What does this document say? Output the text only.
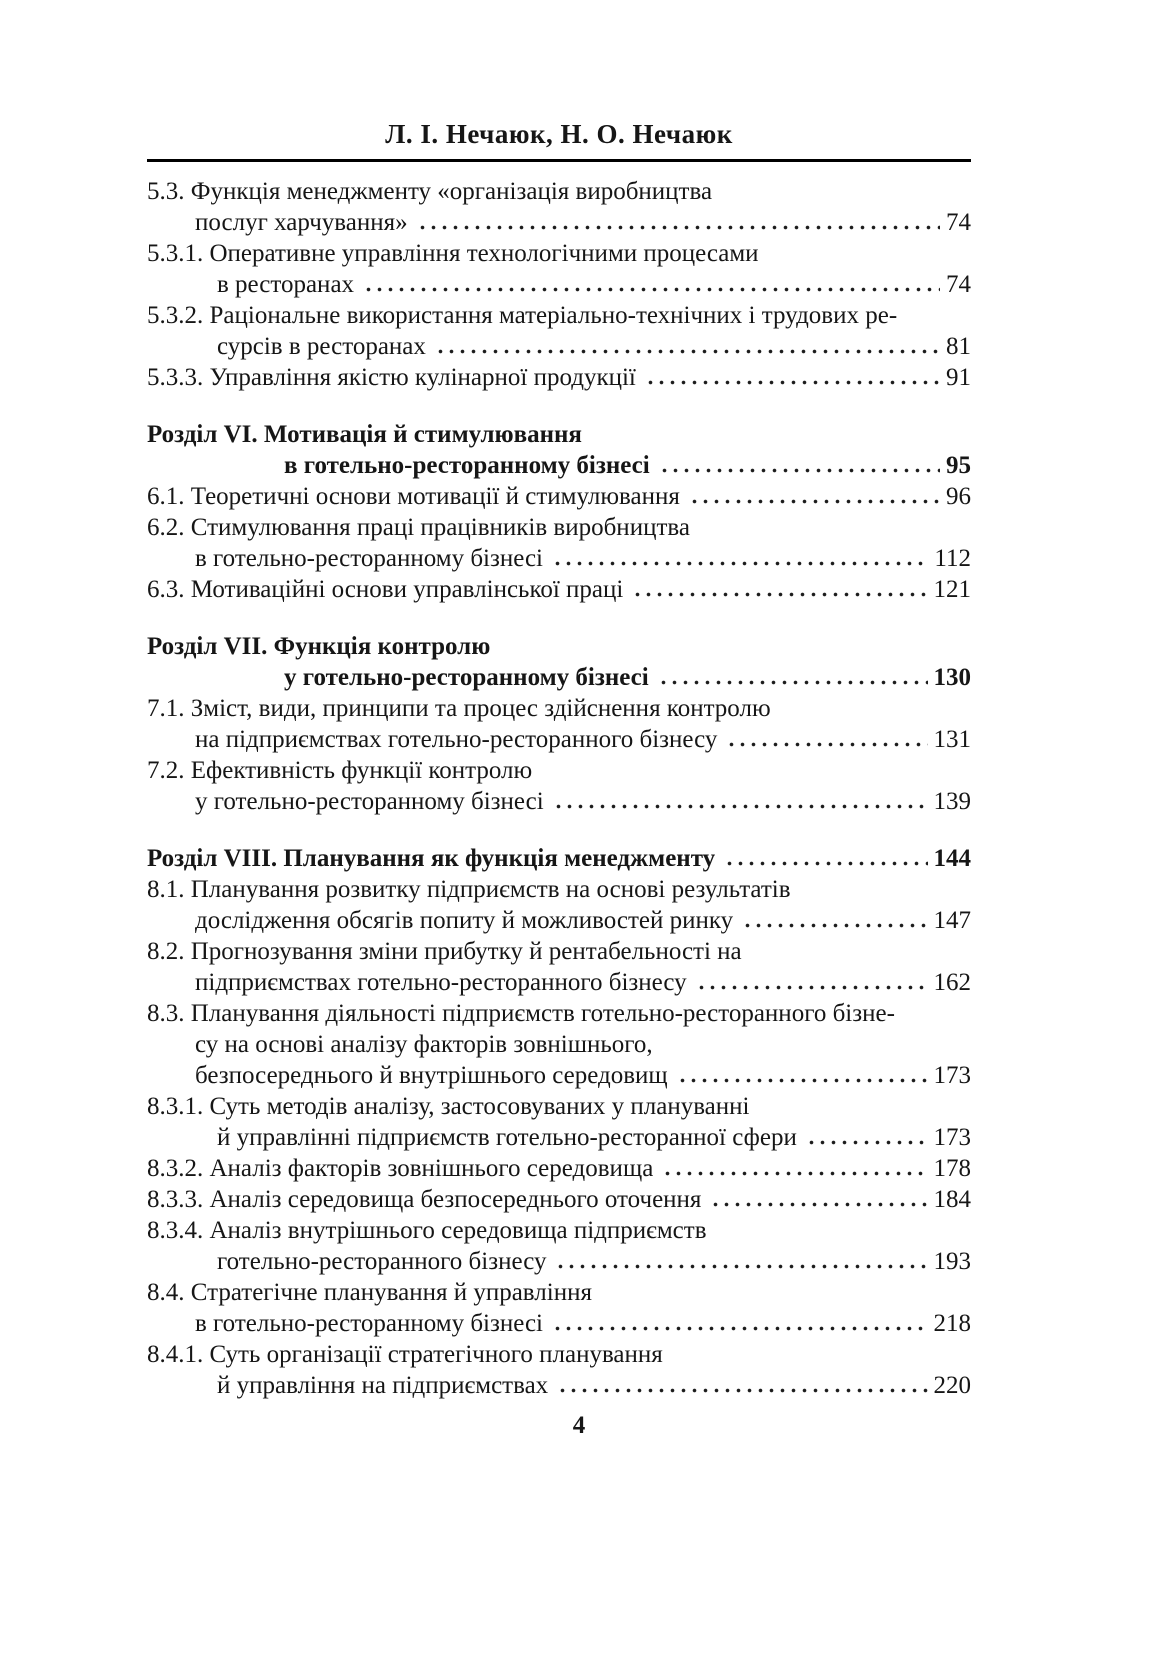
Л. І. Нечаюк, Н. О. Нечаюк
5.3. Функція менеджменту «організація виробництва
послуг харчування»	74
5.3.1. Оперативне управління технологічними процесами
в ресторанах	74
5.3.2. Раціональне використання матеріально-технічних і трудових ре-
сурсів в ресторанах	81
5.3.3. Управління якістю кулінарної продукції	91
Розділ VI. Мотивація й стимулювання
в готельно-ресторанному бізнесі	95
6.1. Теоретичні основи мотивації й стимулювання	96
6.2. Стимулювання праці працівників виробництва
в готельно-ресторанному бізнесі	112
6.3. Мотиваційні основи управлінської праці	121
Розділ VII. Функція контролю
у готельно-ресторанному бізнесі	130
7.1. Зміст, види, принципи та процес здійснення контролю
на підприємствах готельно-ресторанного бізнесу	131
7.2. Ефективність функції контролю
у готельно-ресторанному бізнесі	139
Розділ VIII. Планування як функція менеджменту	144
8.1. Планування розвитку підприємств на основі результатів
дослідження обсягів попиту й можливостей ринку	147
8.2. Прогнозування зміни прибутку й рентабельності на
підприємствах готельно-ресторанного бізнесу	162
8.3. Планування діяльності підприємств готельно-ресторанного бізне-
су на основі аналізу факторів зовнішнього,
безпосереднього й внутрішнього середовищ	173
8.3.1. Суть методів аналізу, застосовуваних у плануванні
й управлінні підприємств готельно-ресторанної сфери	173
8.3.2. Аналіз факторів зовнішнього середовища	178
8.3.3. Аналіз середовища безпосереднього оточення	184
8.3.4. Аналіз внутрішнього середовища підприємств
готельно-ресторанного бізнесу	193
8.4. Стратегічне планування й управління
в готельно-ресторанному бізнесі	218
8.4.1. Суть організації стратегічного планування
й управління на підприємствах	220
4
